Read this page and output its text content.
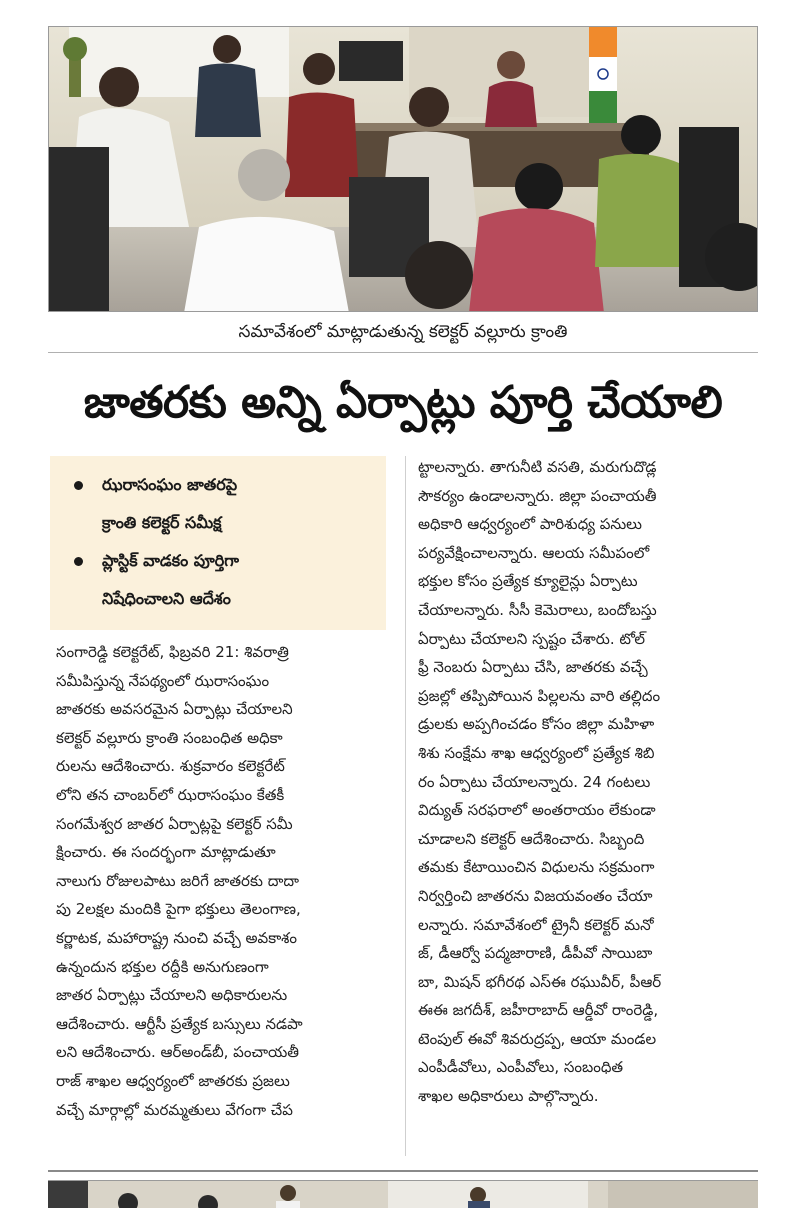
సమావేశంలో మాట్లాడుతున్న కలెక్టర్ వల్లూరు క్రాంతి
జాతరకు అన్ని ఏర్పాట్లు పూర్తి చేయాలి
ఝరాసంఘం జాతరపై
క్రాంతి కలెక్టర్ సమీక్ష
ప్లాస్టిక్ వాడకం పూర్తిగా
నిషేధించాలని ఆదేశం
సంగారెడ్డి కలెక్టరేట్, ఫిబ్రవరి 21: శివరాత్రి
సమీపిస్తున్న నేపథ్యంలో ఝరాసంఘం
జాతరకు అవసరమైన ఏర్పాట్లు చేయాలని
కలెక్టర్ వల్లూరు క్రాంతి సంబంధిత అధికా
రులను ఆదేశించారు. శుక్రవారం కలెక్టరేట్
లోని తన చాంబర్‌లో ఝరాసంఘం కేతకీ
సంగమేశ్వర జాతర ఏర్పాట్లపై కలెక్టర్ సమీ
క్షించారు. ఈ సందర్భంగా మాట్లాడుతూ
నాలుగు రోజులపాటు జరిగే జాతరకు దాదా
పు 2లక్షల మందికి పైగా భక్తులు తెలంగాణ,
కర్ణాటక, మహారాష్ట్ర నుంచి వచ్చే అవకాశం
ఉన్నందున భక్తుల రద్దీకి అనుగుణంగా
జాతర ఏర్పాట్లు చేయాలని అధికారులను
ఆదేశించారు. ఆర్టీసీ ప్రత్యేక బస్సులు నడపా
లని ఆదేశించారు. ఆర్‌అండ్‌బీ, పంచాయతీ
రాజ్ శాఖల ఆధ్వర్యంలో జాతరకు ప్రజలు
వచ్చే మార్గాల్లో మరమ్మతులు వేగంగా చేప
ట్టాలన్నారు. తాగునీటి వసతి, మరుగుదొడ్ల
సౌకర్యం ఉండాలన్నారు. జిల్లా పంచాయతీ
అధికారి ఆధ్వర్యంలో పారిశుధ్య పనులు
పర్యవేక్షించాలన్నారు. ఆలయ సమీపంలో
భక్తుల కోసం ప్రత్యేక క్యూలైన్లు ఏర్పాటు
చేయాలన్నారు. సీసీ కెమెరాలు, బందోబస్తు
ఏర్పాటు చేయాలని స్పష్టం చేశారు. టోల్
ఫ్రీ నెంబరు ఏర్పాటు చేసి, జాతరకు వచ్చే
ప్రజల్లో తప్పిపోయిన పిల్లలను వారి తల్లిదం
డ్రులకు అప్పగించడం కోసం జిల్లా మహిళా
శిశు సంక్షేమ శాఖ ఆధ్వర్యంలో ప్రత్యేక శిబి
రం ఏర్పాటు చేయాలన్నారు. 24 గంటలు
విద్యుత్ సరఫరాలో అంతరాయం లేకుండా
చూడాలని కలెక్టర్ ఆదేశించారు. సిబ్బంది
తమకు కేటాయించిన విధులను సక్రమంగా
నిర్వర్తించి జాతరను విజయవంతం చేయా
లన్నారు. సమావేశంలో ట్రైనీ కలెక్టర్ మనో
జ్, డీఆర్వో పద్మజారాణి, డీపీవో సాయిబా
బా, మిషన్ భగీరథ ఎస్ఈ రఘువీర్, పీఆర్
ఈఈ జగదీశ్, జహీరాబాద్ ఆర్డీవో రాంరెడ్డి,
టెంపుల్ ఈవో శివరుద్రప్ప, ఆయా మండల
ఎంపీడీవోలు, ఎంపీవోలు, సంబంధిత
శాఖల అధికారులు పాల్గొన్నారు.
